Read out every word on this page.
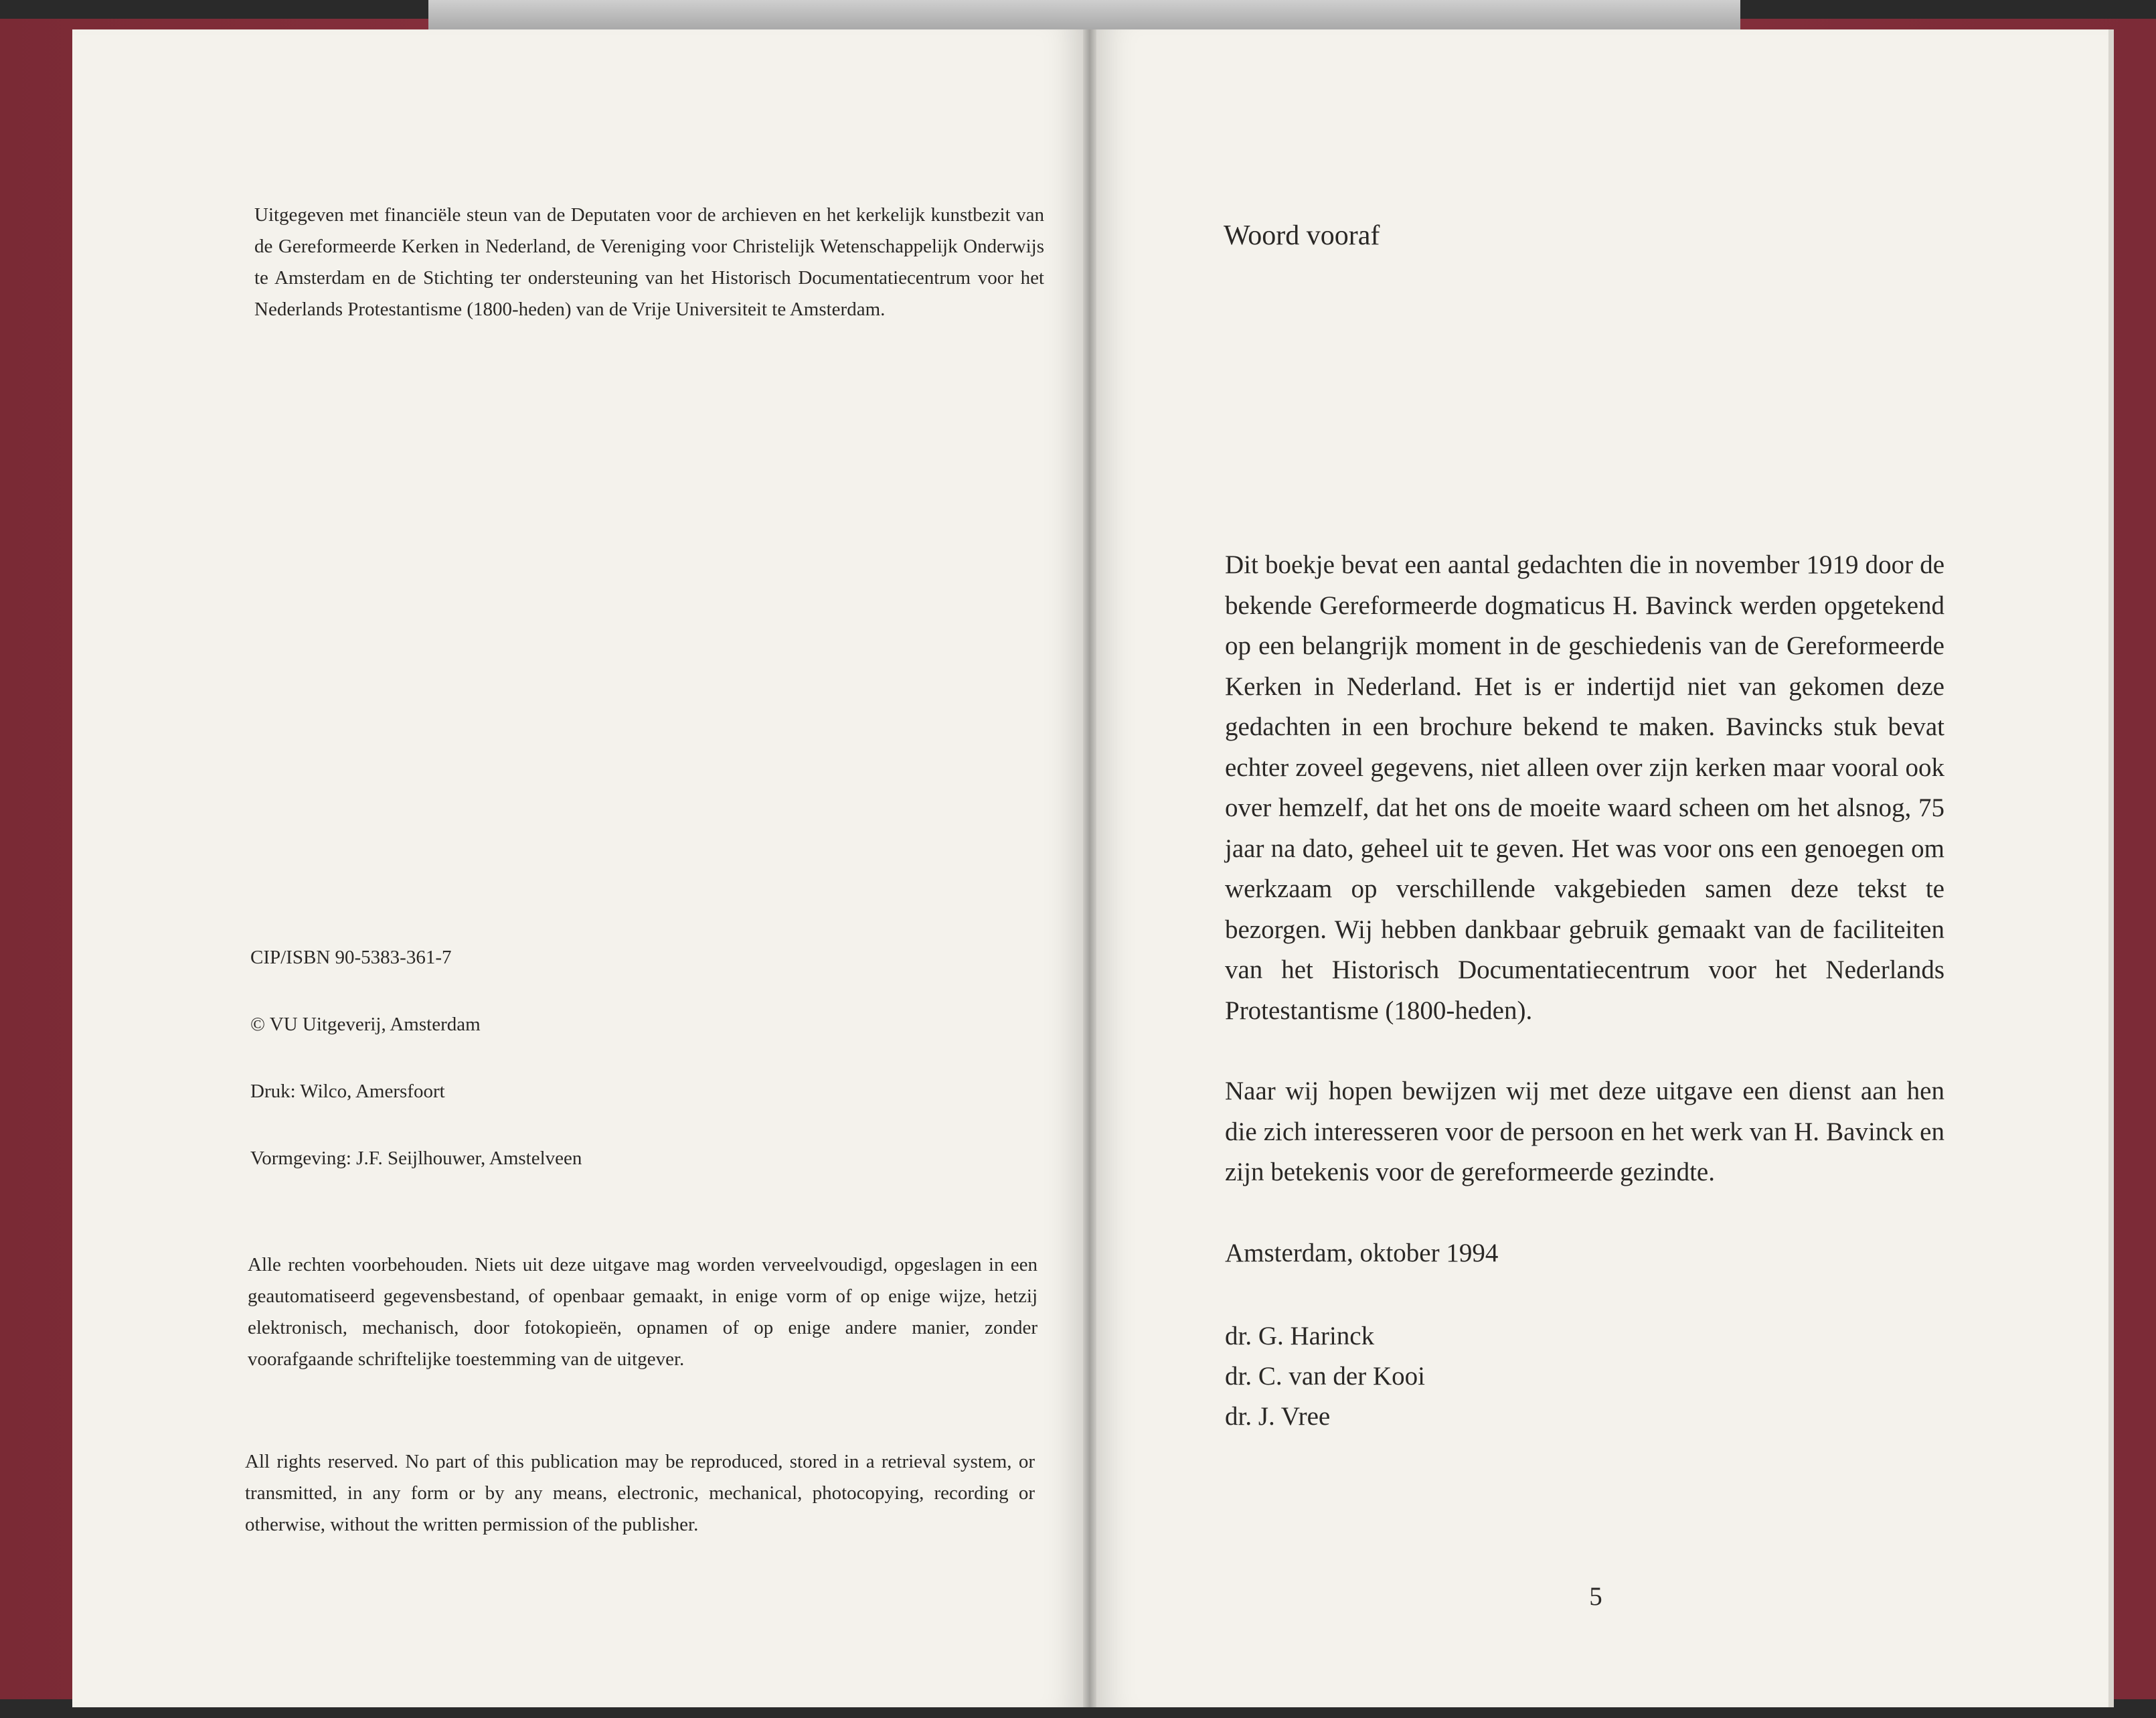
Uitgegeven met financiële steun van de Deputaten voor de archieven en het kerkelijk kunstbezit van de Gereformeerde Kerken in Nederland, de Vereniging voor Christelijk Wetenschappelijk Onderwijs te Amsterdam en de Stichting ter ondersteuning van het Historisch Documentatiecentrum voor het Nederlands Protestantisme (1800-heden) van de Vrije Universiteit te Amsterdam.

CIP/ISBN 90-5383-361-7

© VU Uitgeverij, Amsterdam

Druk: Wilco, Amersfoort

Vormgeving: J.F. Seijlhouwer, Amstelveen

Alle rechten voorbehouden. Niets uit deze uitgave mag worden verveelvoudigd, opgeslagen in een geautomatiseerd gegevensbestand, of openbaar gemaakt, in enige vorm of op enige wijze, hetzij elektronisch, mechanisch, door fotokopieën, opnamen of op enige andere manier, zonder voorafgaande schriftelijke toestemming van de uitgever.

All rights reserved. No part of this publication may be reproduced, stored in a retrieval system, or transmitted, in any form or by any means, electronic, mechanical, photocopying, recording or otherwise, without the written permission of the publisher.

Woord vooraf

Dit boekje bevat een aantal gedachten die in november 1919 door de bekende Gereformeerde dogmaticus H. Bavinck werden opgetekend op een belangrijk moment in de geschiedenis van de Gereformeerde Kerken in Nederland. Het is er indertijd niet van gekomen deze gedachten in een brochure bekend te maken. Bavincks stuk bevat echter zoveel gegevens, niet alleen over zijn kerken maar vooral ook over hemzelf, dat het ons de moeite waard scheen om het alsnog, 75 jaar na dato, geheel uit te geven. Het was voor ons een genoegen om werkzaam op verschillende vakgebieden samen deze tekst te bezorgen. Wij hebben dankbaar gebruik gemaakt van de faciliteiten van het Historisch Documentatiecentrum voor het Nederlands Protestantisme (1800-heden).

Naar wij hopen bewijzen wij met deze uitgave een dienst aan hen die zich interesseren voor de persoon en het werk van H. Bavinck en zijn betekenis voor de gereformeerde gezindte.

Amsterdam, oktober 1994

dr. G. Harinck

dr. C. van der Kooi

dr. J. Vree

5
